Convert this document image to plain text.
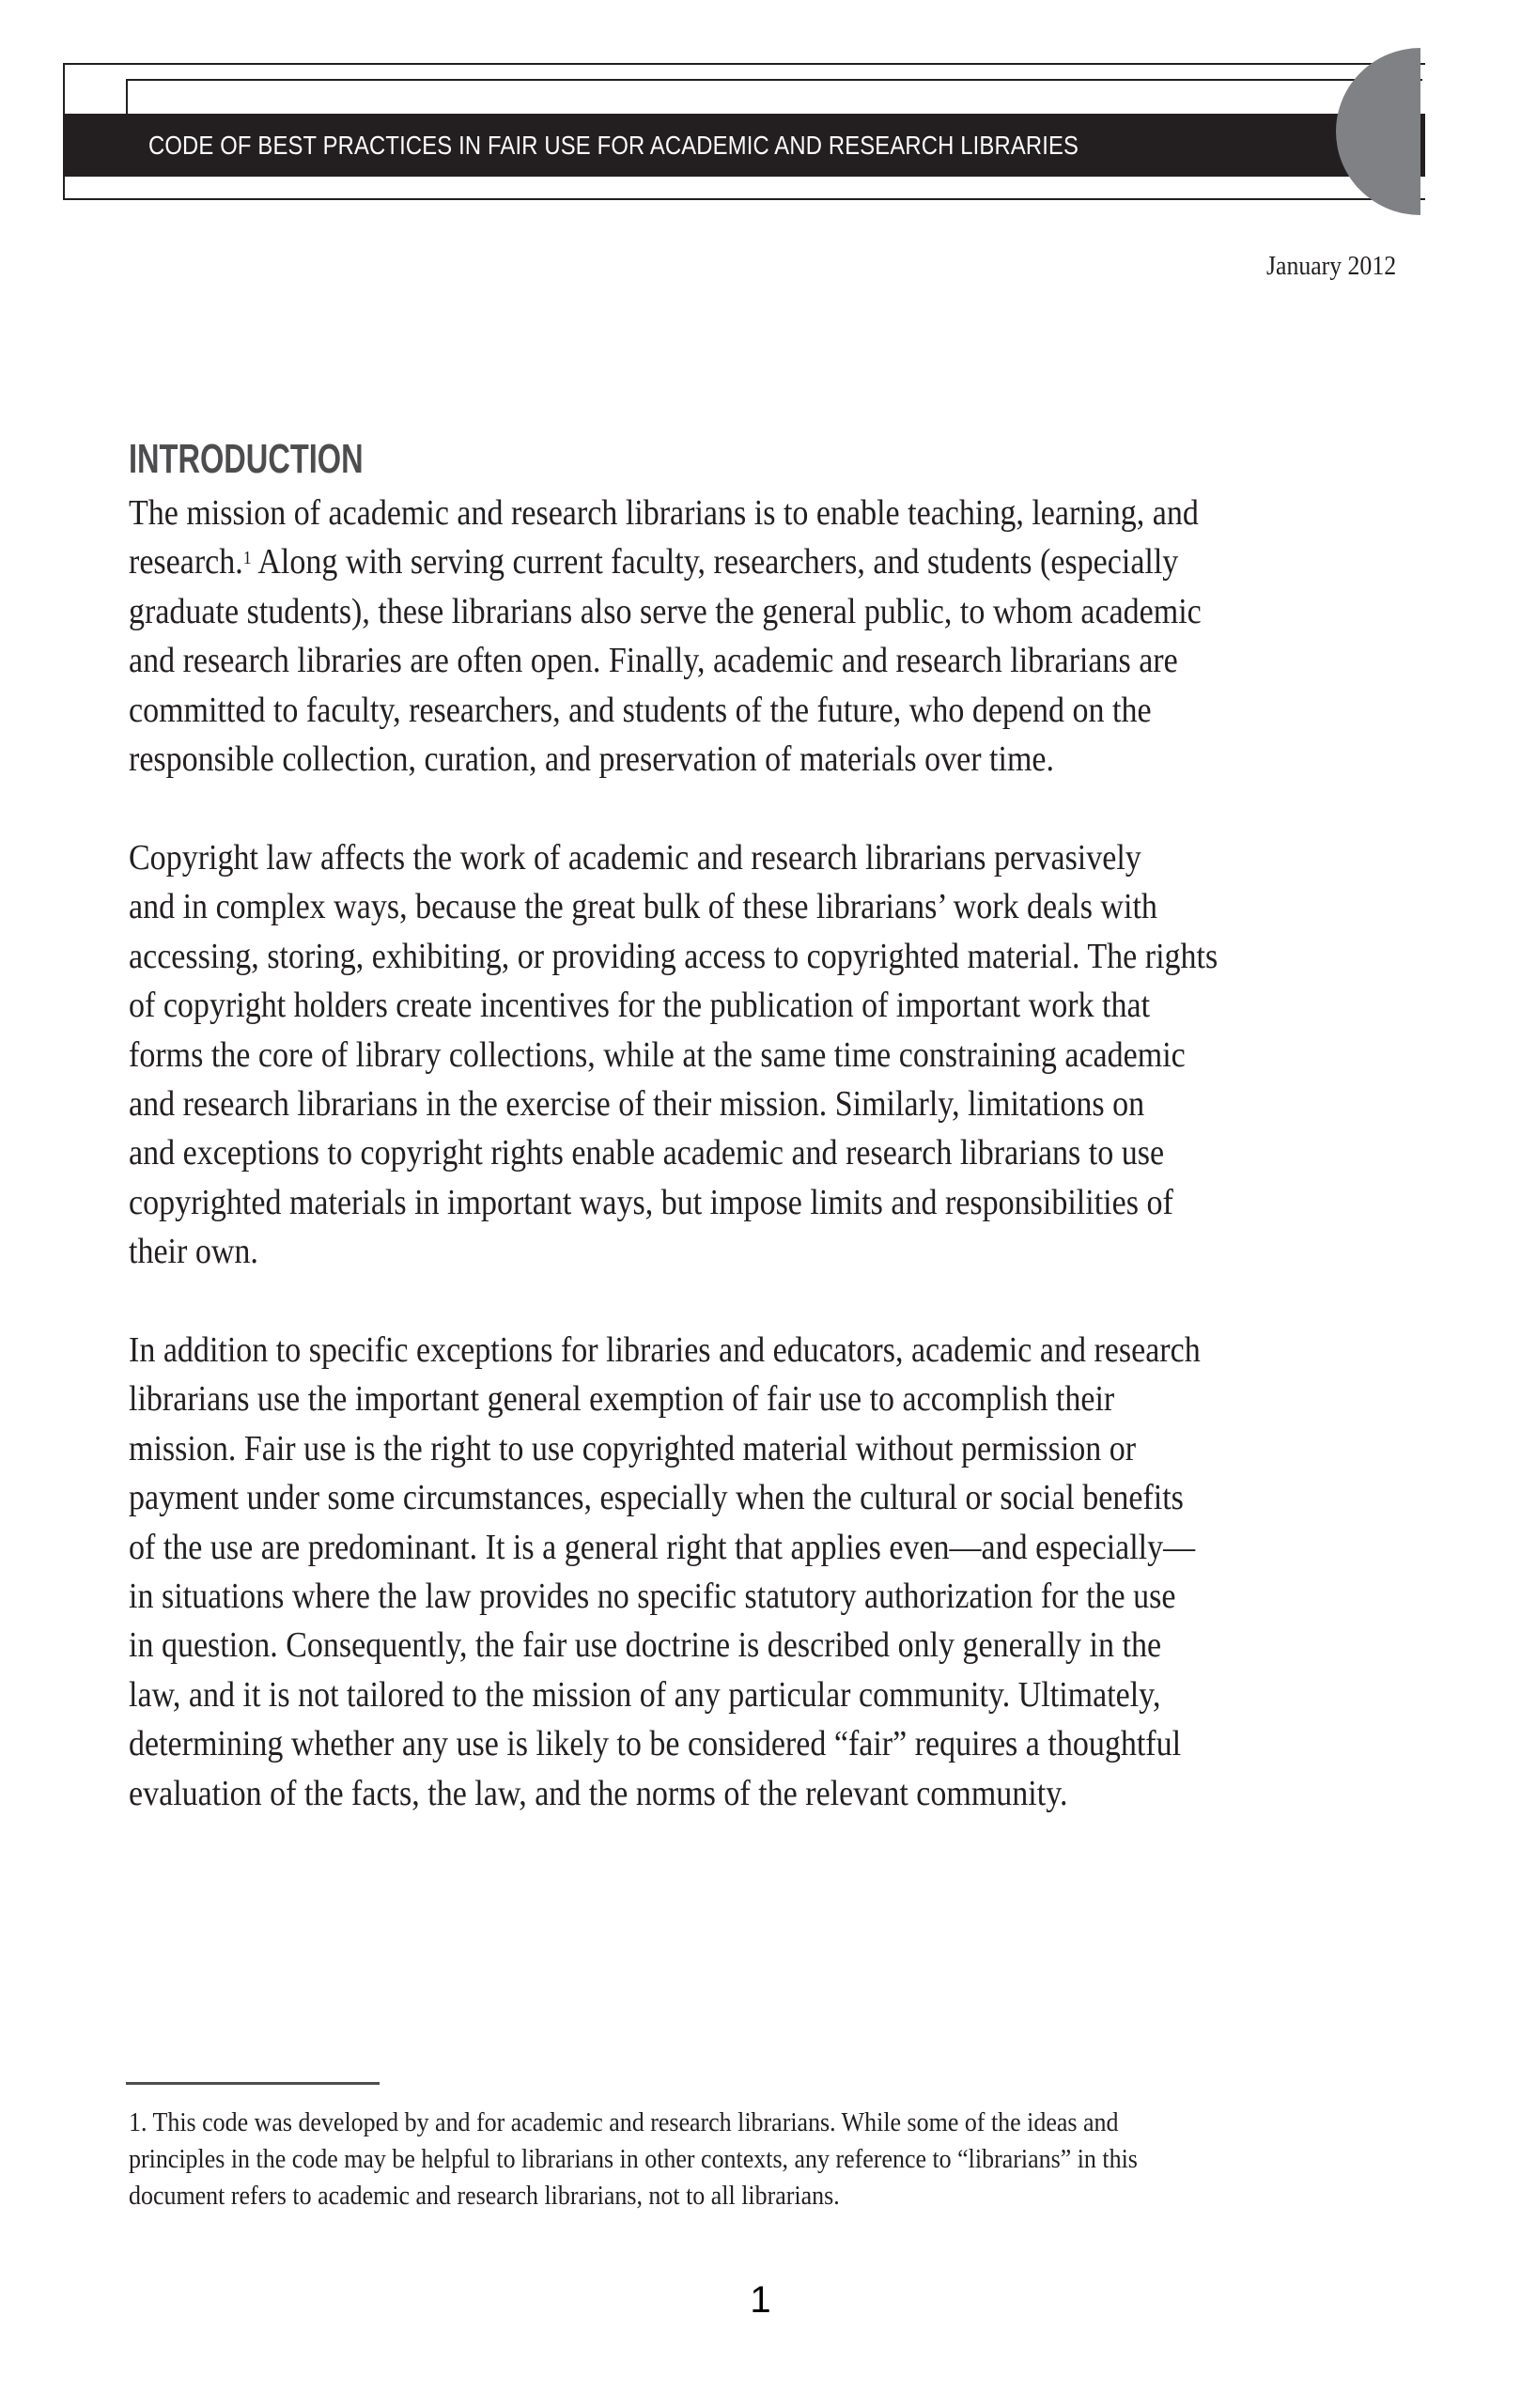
CODE OF BEST PRACTICES IN FAIR USE FOR ACADEMIC AND RESEARCH LIBRARIES
January 2012
INTRODUCTION
The mission of academic and research librarians is to enable teaching, learning, and
research.$^1$ Along with serving current faculty, researchers, and students (especially
graduate students), these librarians also serve the general public, to whom academic
and research libraries are often open. Finally, academic and research librarians are
committed to faculty, researchers, and students of the future, who depend on the
responsible collection, curation, and preservation of materials over time.
Copyright law affects the work of academic and research librarians pervasively
and in complex ways, because the great bulk of these librarians’ work deals with
accessing, storing, exhibiting, or providing access to copyrighted material. The rights
of copyright holders create incentives for the publication of important work that
forms the core of library collections, while at the same time constraining academic
and research librarians in the exercise of their mission. Similarly, limitations on
and exceptions to copyright rights enable academic and research librarians to use
copyrighted materials in important ways, but impose limits and responsibilities of
their own.
In addition to specific exceptions for libraries and educators, academic and research
librarians use the important general exemption of fair use to accomplish their
mission. Fair use is the right to use copyrighted material without permission or
payment under some circumstances, especially when the cultural or social benefits
of the use are predominant. It is a general right that applies even—and especially—
in situations where the law provides no specific statutory authorization for the use
in question. Consequently, the fair use doctrine is described only generally in the
law, and it is not tailored to the mission of any particular community. Ultimately,
determining whether any use is likely to be considered “fair” requires a thoughtful
evaluation of the facts, the law, and the norms of the relevant community.
1. This code was developed by and for academic and research librarians. While some of the ideas and
principles in the code may be helpful to librarians in other contexts, any reference to “librarians” in this
document refers to academic and research librarians, not to all librarians.
1
